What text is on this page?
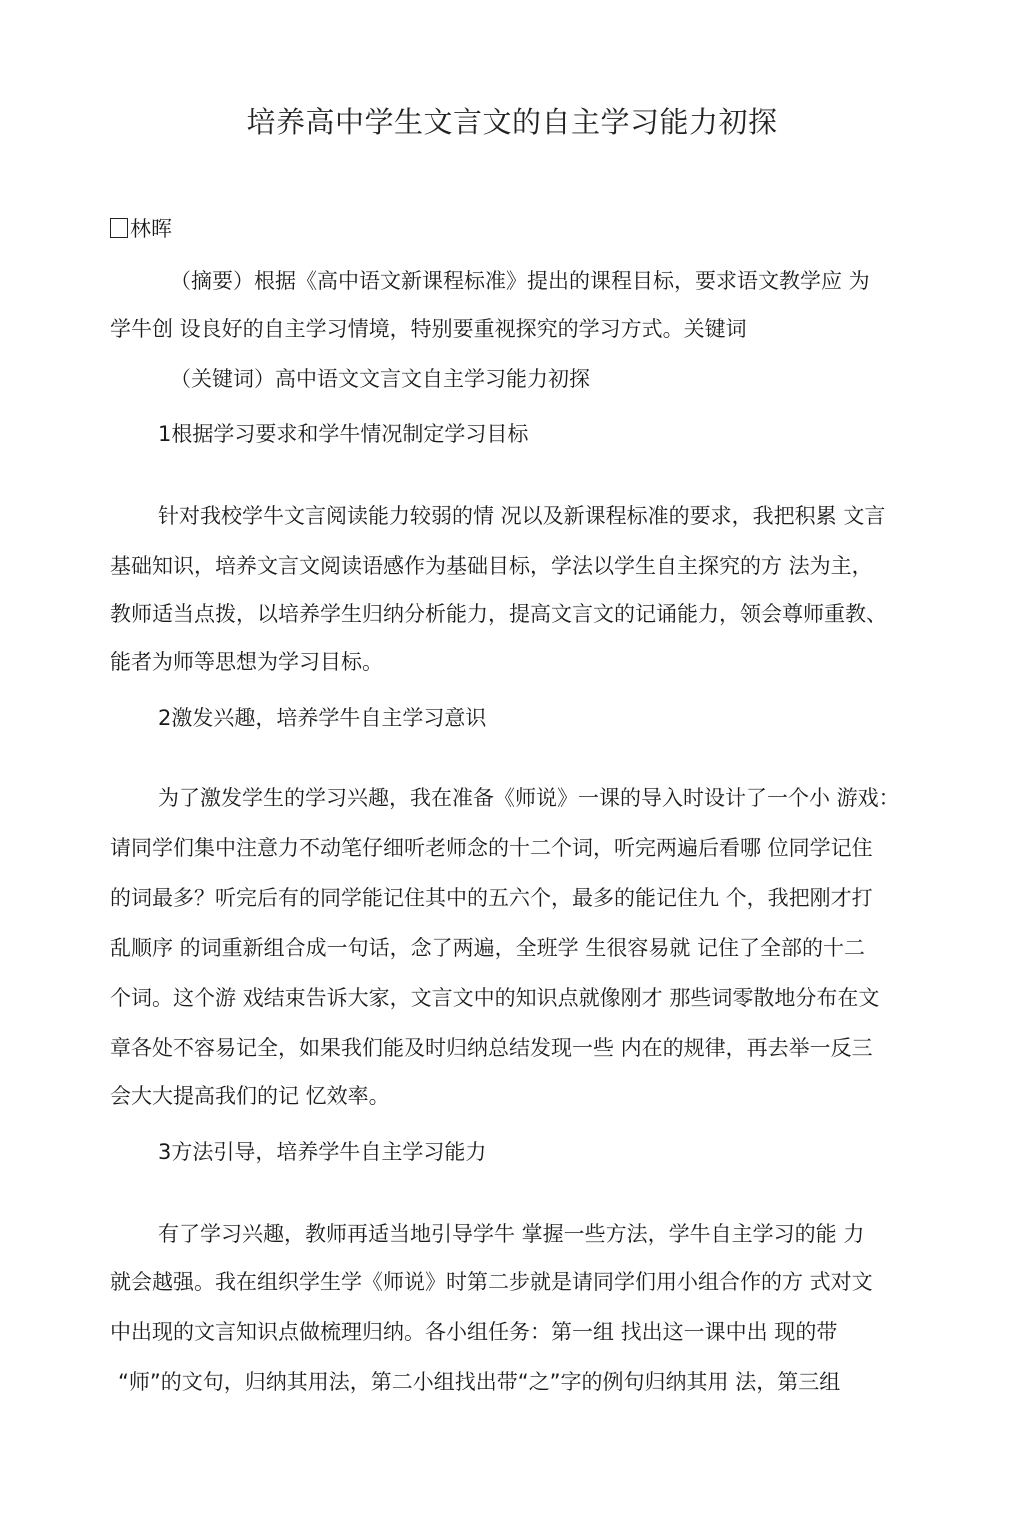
培养高中学生文言文的自主学习能力初探
林晖
（摘要）根据《高中语文新课程标准》提出的课程目标，要求语文教学应 为
学牛创 设良好的自主学习情境，特别要重视探究的学习方式。关键词
（关键词）高中语文文言文自主学习能力初探
1根据学习要求和学牛情况制定学习目标
针对我校学牛文言阅读能力较弱的情 况以及新课程标准的要求，我把积累 文言
基础知识，培养文言文阅读语感作为基础目标，学法以学生自主探究的方 法为主，
教师适当点拨，以培养学生归纳分析能力，提高文言文的记诵能力，领会尊师重教、
能者为师等思想为学习目标。
2激发兴趣，培养学牛自主学习意识
为了激发学生的学习兴趣，我在准备《师说》一课的导入时设计了一个小 游戏：
请同学们集中注意力不动笔仔细听老师念的十二个词，听完两遍后看哪 位同学记住
的词最多？听完后有的同学能记住其中的五六个，最多的能记住九 个，我把刚才打
乱顺序 的词重新组合成一句话，念了两遍，全班学 生很容易就 记住了全部的十二
个词。这个游 戏结束告诉大家，文言文中的知识点就像刚才 那些词零散地分布在文
章各处不容易记全，如果我们能及时归纳总结发现一些 内在的规律，再去举一反三
会大大提高我们的记 忆效率。
3方法引导，培养学牛自主学习能力
有了学习兴趣，教师再适当地引导学牛 掌握一些方法，学牛自主学习的能 力
就会越强。我在组织学生学《师说》时第二步就是请同学们用小组合作的方 式对文
中出现的文言知识点做梳理归纳。各小组任务：第一组 找出这一课中出 现的带
“师”的文句，归纳其用法，第二小组找出带“之”字的例句归纳其用 法，第三组
